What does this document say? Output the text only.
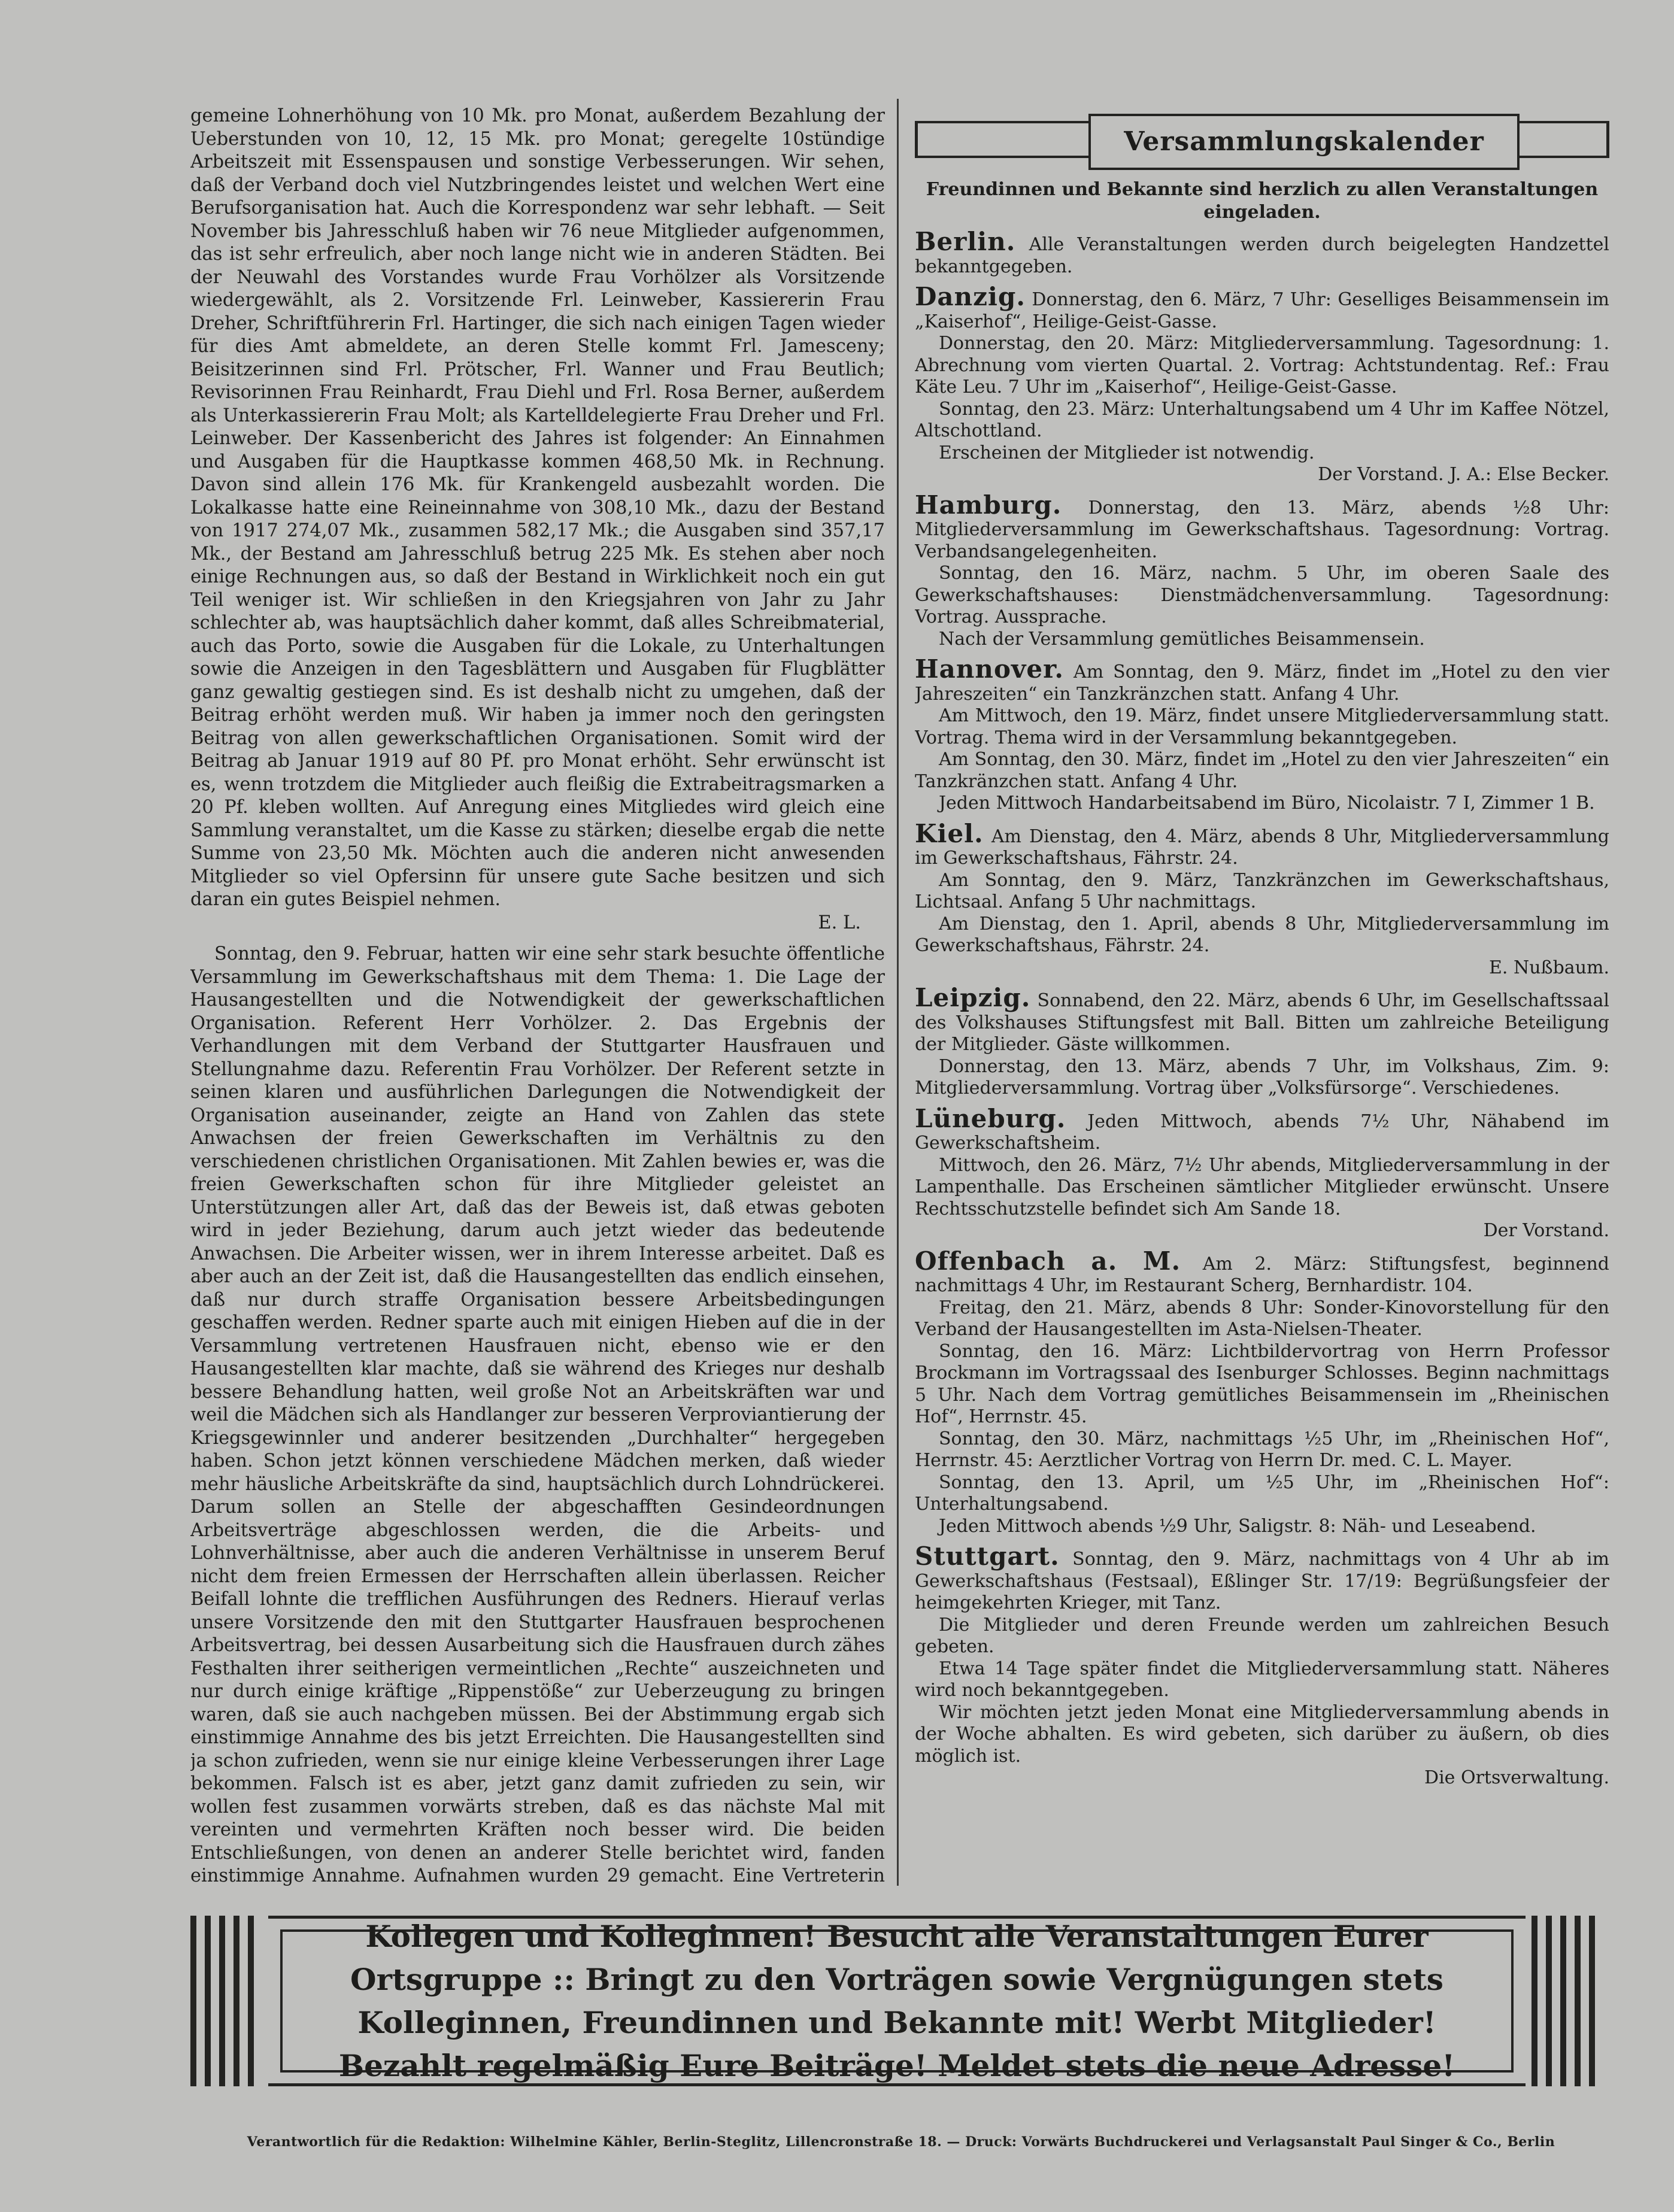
gemeine Lohnerhöhung von 10 Mk. pro Monat, außerdem Bezahlung der Ueberstunden von 10, 12, 15 Mk. pro Monat; geregelte 10stündige Arbeitszeit mit Essenspausen und sonstige Verbesserungen. Wir sehen, daß der Verband doch viel Nutzbringendes leistet und welchen Wert eine Berufsorganisation hat. Auch die Korrespondenz war sehr lebhaft. — Seit November bis Jahresschluß haben wir 76 neue Mitglieder aufgenommen, das ist sehr erfreulich, aber noch lange nicht wie in anderen Städten. Bei der Neuwahl des Vorstandes wurde Frau Vorhölzer als Vorsitzende wiedergewählt, als 2. Vorsitzende Frl. Leinweber, Kassiererin Frau Dreher, Schriftführerin Frl. Hartinger, die sich nach einigen Tagen wieder für dies Amt abmeldete, an deren Stelle kommt Frl. Jamesceny; Beisitzerinnen sind Frl. Prötscher, Frl. Wanner und Frau Beutlich; Revisorinnen Frau Reinhardt, Frau Diehl und Frl. Rosa Berner, außerdem als Unterkassiererin Frau Molt; als Kartelldelegierte Frau Dreher und Frl. Leinweber. Der Kassenbericht des Jahres ist folgender: An Einnahmen und Ausgaben für die Hauptkasse kommen 468,50 Mk. in Rechnung. Davon sind allein 176 Mk. für Krankengeld ausbezahlt worden. Die Lokalkasse hatte eine Reineinnahme von 308,10 Mk., dazu der Bestand von 1917 274,07 Mk., zusammen 582,17 Mk.; die Ausgaben sind 357,17 Mk., der Bestand am Jahresschluß betrug 225 Mk. Es stehen aber noch einige Rechnungen aus, so daß der Bestand in Wirklichkeit noch ein gut Teil weniger ist. Wir schließen in den Kriegsjahren von Jahr zu Jahr schlechter ab, was hauptsächlich daher kommt, daß alles Schreibmaterial, auch das Porto, sowie die Ausgaben für die Lokale, zu Unterhaltungen sowie die Anzeigen in den Tagesblättern und Ausgaben für Flugblätter ganz gewaltig gestiegen sind. Es ist deshalb nicht zu umgehen, daß der Beitrag erhöht werden muß. Wir haben ja immer noch den geringsten Beitrag von allen gewerkschaftlichen Organisationen. Somit wird der Beitrag ab Januar 1919 auf 80 Pf. pro Monat erhöht. Sehr erwünscht ist es, wenn trotzdem die Mitglieder auch fleißig die Extrabeitragsmarken a 20 Pf. kleben wollten. Auf Anregung eines Mitgliedes wird gleich eine Sammlung veranstaltet, um die Kasse zu stärken; dieselbe ergab die nette Summe von 23,50 Mk. Möchten auch die anderen nicht anwesenden Mitglieder so viel Opfersinn für unsere gute Sache besitzen und sich daran ein gutes Beispiel nehmen.
E. L.

Sonntag, den 9. Februar, hatten wir eine sehr stark besuchte öffentliche Versammlung im Gewerkschaftshaus mit dem Thema: 1. Die Lage der Hausangestellten und die Notwendigkeit der gewerkschaftlichen Organisation. Referent Herr Vorhölzer. 2. Das Ergebnis der Verhandlungen mit dem Verband der Stuttgarter Hausfrauen und Stellungnahme dazu. Referentin Frau Vorhölzer. Der Referent setzte in seinen klaren und ausführlichen Darlegungen die Notwendigkeit der Organisation auseinander, zeigte an Hand von Zahlen das stete Anwachsen der freien Gewerkschaften im Verhältnis zu den verschiedenen christlichen Organisationen. Mit Zahlen bewies er, was die freien Gewerkschaften schon für ihre Mitglieder geleistet an Unterstützungen aller Art, daß das der Beweis ist, daß etwas geboten wird in jeder Beziehung, darum auch jetzt wieder das bedeutende Anwachsen. Die Arbeiter wissen, wer in ihrem Interesse arbeitet. Daß es aber auch an der Zeit ist, daß die Hausangestellten das endlich einsehen, daß nur durch straffe Organisation bessere Arbeitsbedingungen geschaffen werden. Redner sparte auch mit einigen Hieben auf die in der Versammlung vertretenen Hausfrauen nicht, ebenso wie er den Hausangestellten klar machte, daß sie während des Krieges nur deshalb bessere Behandlung hatten, weil große Not an Arbeitskräften war und weil die Mädchen sich als Handlanger zur besseren Verproviantierung der Kriegsgewinnler und anderer besitzenden „Durchhalter“ hergegeben haben. Schon jetzt können verschiedene Mädchen merken, daß wieder mehr häusliche Arbeitskräfte da sind, hauptsächlich durch Lohndrückerei. Darum sollen an Stelle der abgeschafften Gesindeordnungen Arbeitsverträge abgeschlossen werden, die die Arbeits- und Lohnverhältnisse, aber auch die anderen Verhältnisse in unserem Beruf nicht dem freien Ermessen der Herrschaften allein überlassen. Reicher Beifall lohnte die trefflichen Ausführungen des Redners. Hierauf verlas unsere Vorsitzende den mit den Stuttgarter Hausfrauen besprochenen Arbeitsvertrag, bei dessen Ausarbeitung sich die Hausfrauen durch zähes Festhalten ihrer seitherigen vermeintlichen „Rechte“ auszeichneten und nur durch einige kräftige „Rippenstöße“ zur Ueberzeugung zu bringen waren, daß sie auch nachgeben müssen. Bei der Abstimmung ergab sich einstimmige Annahme des bis jetzt Erreichten. Die Hausangestellten sind ja schon zufrieden, wenn sie nur einige kleine Verbesserungen ihrer Lage bekommen. Falsch ist es aber, jetzt ganz damit zufrieden zu sein, wir wollen fest zusammen vorwärts streben, daß es das nächste Mal mit vereinten und vermehrten Kräften noch besser wird. Die beiden Entschließungen, von denen an anderer Stelle berichtet wird, fanden einstimmige Annahme. Aufnahmen wurden 29 gemacht. Eine Vertreterin

Versammlungskalender
Freundinnen und Bekannte sind herzlich zu allen Veranstaltungen eingeladen.

Berlin. Alle Veranstaltungen werden durch beigelegten Handzettel bekanntgegeben.

Danzig. Donnerstag, den 6. März, 7 Uhr: Geselliges Beisammensein im „Kaiserhof“, Heilige-Geist-Gasse.

Donnerstag, den 20. März: Mitgliederversammlung. Tagesordnung: 1. Abrechnung vom vierten Quartal. 2. Vortrag: Achtstundentag. Ref.: Frau Käte Leu. 7 Uhr im „Kaiserhof“, Heilige-Geist-Gasse.

Sonntag, den 23. März: Unterhaltungsabend um 4 Uhr im Kaffee Nötzel, Altschottland.

Erscheinen der Mitglieder ist notwendig.

Der Vorstand. J. A.: Else Becker.

Hamburg. Donnerstag, den 13. März, abends ½8 Uhr: Mitgliederversammlung im Gewerkschaftshaus. Tagesordnung: Vortrag. Verbandsangelegenheiten.

Sonntag, den 16. März, nachm. 5 Uhr, im oberen Saale des Gewerkschaftshauses: Dienstmädchenversammlung. Tagesordnung: Vortrag. Aussprache.

Nach der Versammlung gemütliches Beisammensein.

Hannover. Am Sonntag, den 9. März, findet im „Hotel zu den vier Jahreszeiten“ ein Tanzkränzchen statt. Anfang 4 Uhr.

Am Mittwoch, den 19. März, findet unsere Mitgliederversammlung statt. Vortrag. Thema wird in der Versammlung bekanntgegeben.

Am Sonntag, den 30. März, findet im „Hotel zu den vier Jahreszeiten“ ein Tanzkränzchen statt. Anfang 4 Uhr.

Jeden Mittwoch Handarbeitsabend im Büro, Nicolaistr. 7 I, Zimmer 1 B.

Kiel. Am Dienstag, den 4. März, abends 8 Uhr, Mitgliederversammlung im Gewerkschaftshaus, Fährstr. 24.

Am Sonntag, den 9. März, Tanzkränzchen im Gewerkschaftshaus, Lichtsaal. Anfang 5 Uhr nachmittags.

Am Dienstag, den 1. April, abends 8 Uhr, Mitgliederversammlung im Gewerkschaftshaus, Fährstr. 24.

E. Nußbaum.

Leipzig. Sonnabend, den 22. März, abends 6 Uhr, im Gesellschaftssaal des Volkshauses Stiftungsfest mit Ball. Bitten um zahlreiche Beteiligung der Mitglieder. Gäste willkommen.

Donnerstag, den 13. März, abends 7 Uhr, im Volkshaus, Zim. 9: Mitgliederversammlung. Vortrag über „Volksfürsorge“. Verschiedenes.

Lüneburg. Jeden Mittwoch, abends 7½ Uhr, Nähabend im Gewerkschaftsheim.

Mittwoch, den 26. März, 7½ Uhr abends, Mitgliederversammlung in der Lampenthalle. Das Erscheinen sämtlicher Mitglieder erwünscht. Unsere Rechtsschutzstelle befindet sich Am Sande 18.

Der Vorstand.

Offenbach a. M. Am 2. März: Stiftungsfest, beginnend nachmittags 4 Uhr, im Restaurant Scherg, Bernhardistr. 104.

Freitag, den 21. März, abends 8 Uhr: Sonder-Kinovorstellung für den Verband der Hausangestellten im Asta-Nielsen-Theater.

Sonntag, den 16. März: Lichtbildervortrag von Herrn Professor Brockmann im Vortragssaal des Isenburger Schlosses. Beginn nachmittags 5 Uhr. Nach dem Vortrag gemütliches Beisammensein im „Rheinischen Hof“, Herrnstr. 45.

Sonntag, den 30. März, nachmittags ½5 Uhr, im „Rheinischen Hof“, Herrnstr. 45: Aerztlicher Vortrag von Herrn Dr. med. C. L. Mayer.

Sonntag, den 13. April, um ½5 Uhr, im „Rheinischen Hof“: Unterhaltungsabend.

Jeden Mittwoch abends ½9 Uhr, Saligstr. 8: Näh- und Leseabend.

Stuttgart. Sonntag, den 9. März, nachmittags von 4 Uhr ab im Gewerkschaftshaus (Festsaal), Eßlinger Str. 17/19: Begrüßungsfeier der heimgekehrten Krieger, mit Tanz.

Die Mitglieder und deren Freunde werden um zahlreichen Besuch gebeten.

Etwa 14 Tage später findet die Mitgliederversammlung statt. Näheres wird noch bekanntgegeben.

Wir möchten jetzt jeden Monat eine Mitgliederversammlung abends in der Woche abhalten. Es wird gebeten, sich darüber zu äußern, ob dies möglich ist.

Die Ortsverwaltung.

Kollegen und Kolleginnen! Besucht alle Veranstaltungen Eurer Ortsgruppe :: Bringt zu den Vorträgen sowie Vergnügungen stets Kolleginnen, Freundinnen und Bekannte mit! Werbt Mitglieder! Bezahlt regelmäßig Eure Beiträge! Meldet stets die neue Adresse!
Verantwortlich für die Redaktion: Wilhelmine Kähler, Berlin-Steglitz, Lillencronstraße 18. — Druck: Vorwärts Buchdruckerei und Verlagsanstalt Paul Singer & Co., Berlin
